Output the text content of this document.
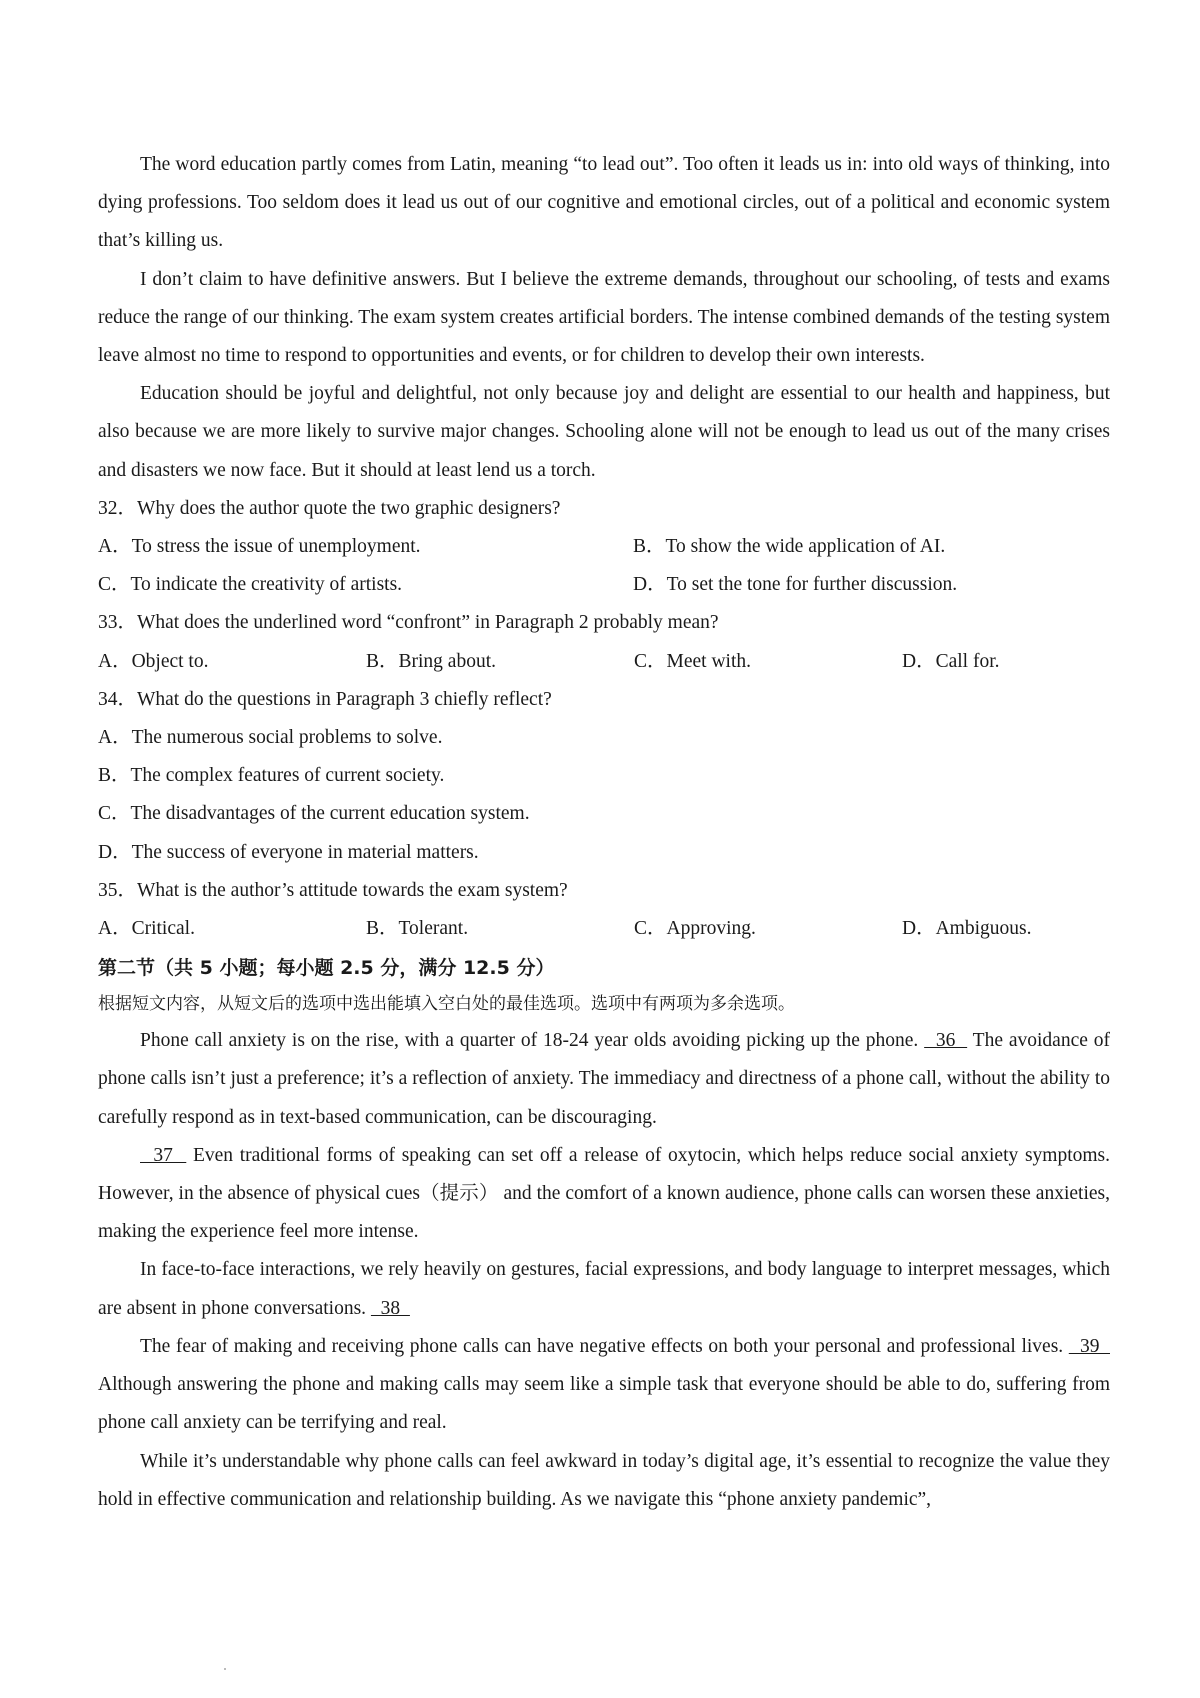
The word education partly comes from Latin, meaning “to lead out”. Too often it leads us in: into old ways of thinking, into dying professions. Too seldom does it lead us out of our cognitive and emotional circles, out of a political and economic system that’s killing us.
I don’t claim to have definitive answers. But I believe the extreme demands, throughout our schooling, of tests and exams reduce the range of our thinking. The exam system creates artificial borders. The intense combined demands of the testing system leave almost no time to respond to opportunities and events, or for children to develop their own interests.
Education should be joyful and delightful, not only because joy and delight are essential to our health and happiness, but also because we are more likely to survive major changes. Schooling alone will not be enough to lead us out of the many crises and disasters we now face. But it should at least lend us a torch.
32．Why does the author quote the two graphic designers?
A．To stress the issue of unemployment.	B．To show the wide application of AI.
C．To indicate the creativity of artists.	D．To set the tone for further discussion.
33．What does the underlined word “confront” in Paragraph 2 probably mean?
A．Object to.	B．Bring about.	C．Meet with.	D．Call for.
34．What do the questions in Paragraph 3 chiefly reflect?
A．The numerous social problems to solve.
B．The complex features of current society.
C．The disadvantages of the current education system.
D．The success of everyone in material matters.
35．What is the author’s attitude towards the exam system?
A．Critical.	B．Tolerant.	C．Approving.	D．Ambiguous.
第二节（共 5 小题；每小题 2.5 分，满分 12.5 分）
根据短文内容，从短文后的选项中选出能填入空白处的最佳选项。选项中有两项为多余选项。
Phone call anxiety is on the rise, with a quarter of 18-24 year olds avoiding picking up the phone.   36   The avoidance of phone calls isn’t just a preference; it’s a reflection of anxiety. The immediacy and directness of a phone call, without the ability to carefully respond as in text-based communication, can be discouraging.
37   Even traditional forms of speaking can set off a release of oxytocin, which helps reduce social anxiety symptoms. However, in the absence of physical cues（提示） and the comfort of a known audience, phone calls can worsen these anxieties, making the experience feel more intense.
In face-to-face interactions, we rely heavily on gestures, facial expressions, and body language to interpret messages, which are absent in phone conversations.   38
The fear of making and receiving phone calls can have negative effects on both your personal and professional lives.   39   Although answering the phone and making calls may seem like a simple task that everyone should be able to do, suffering from phone call anxiety can be terrifying and real.
While it’s understandable why phone calls can feel awkward in today’s digital age, it’s essential to recognize the value they hold in effective communication and relationship building. As we navigate this “phone anxiety pandemic”,
